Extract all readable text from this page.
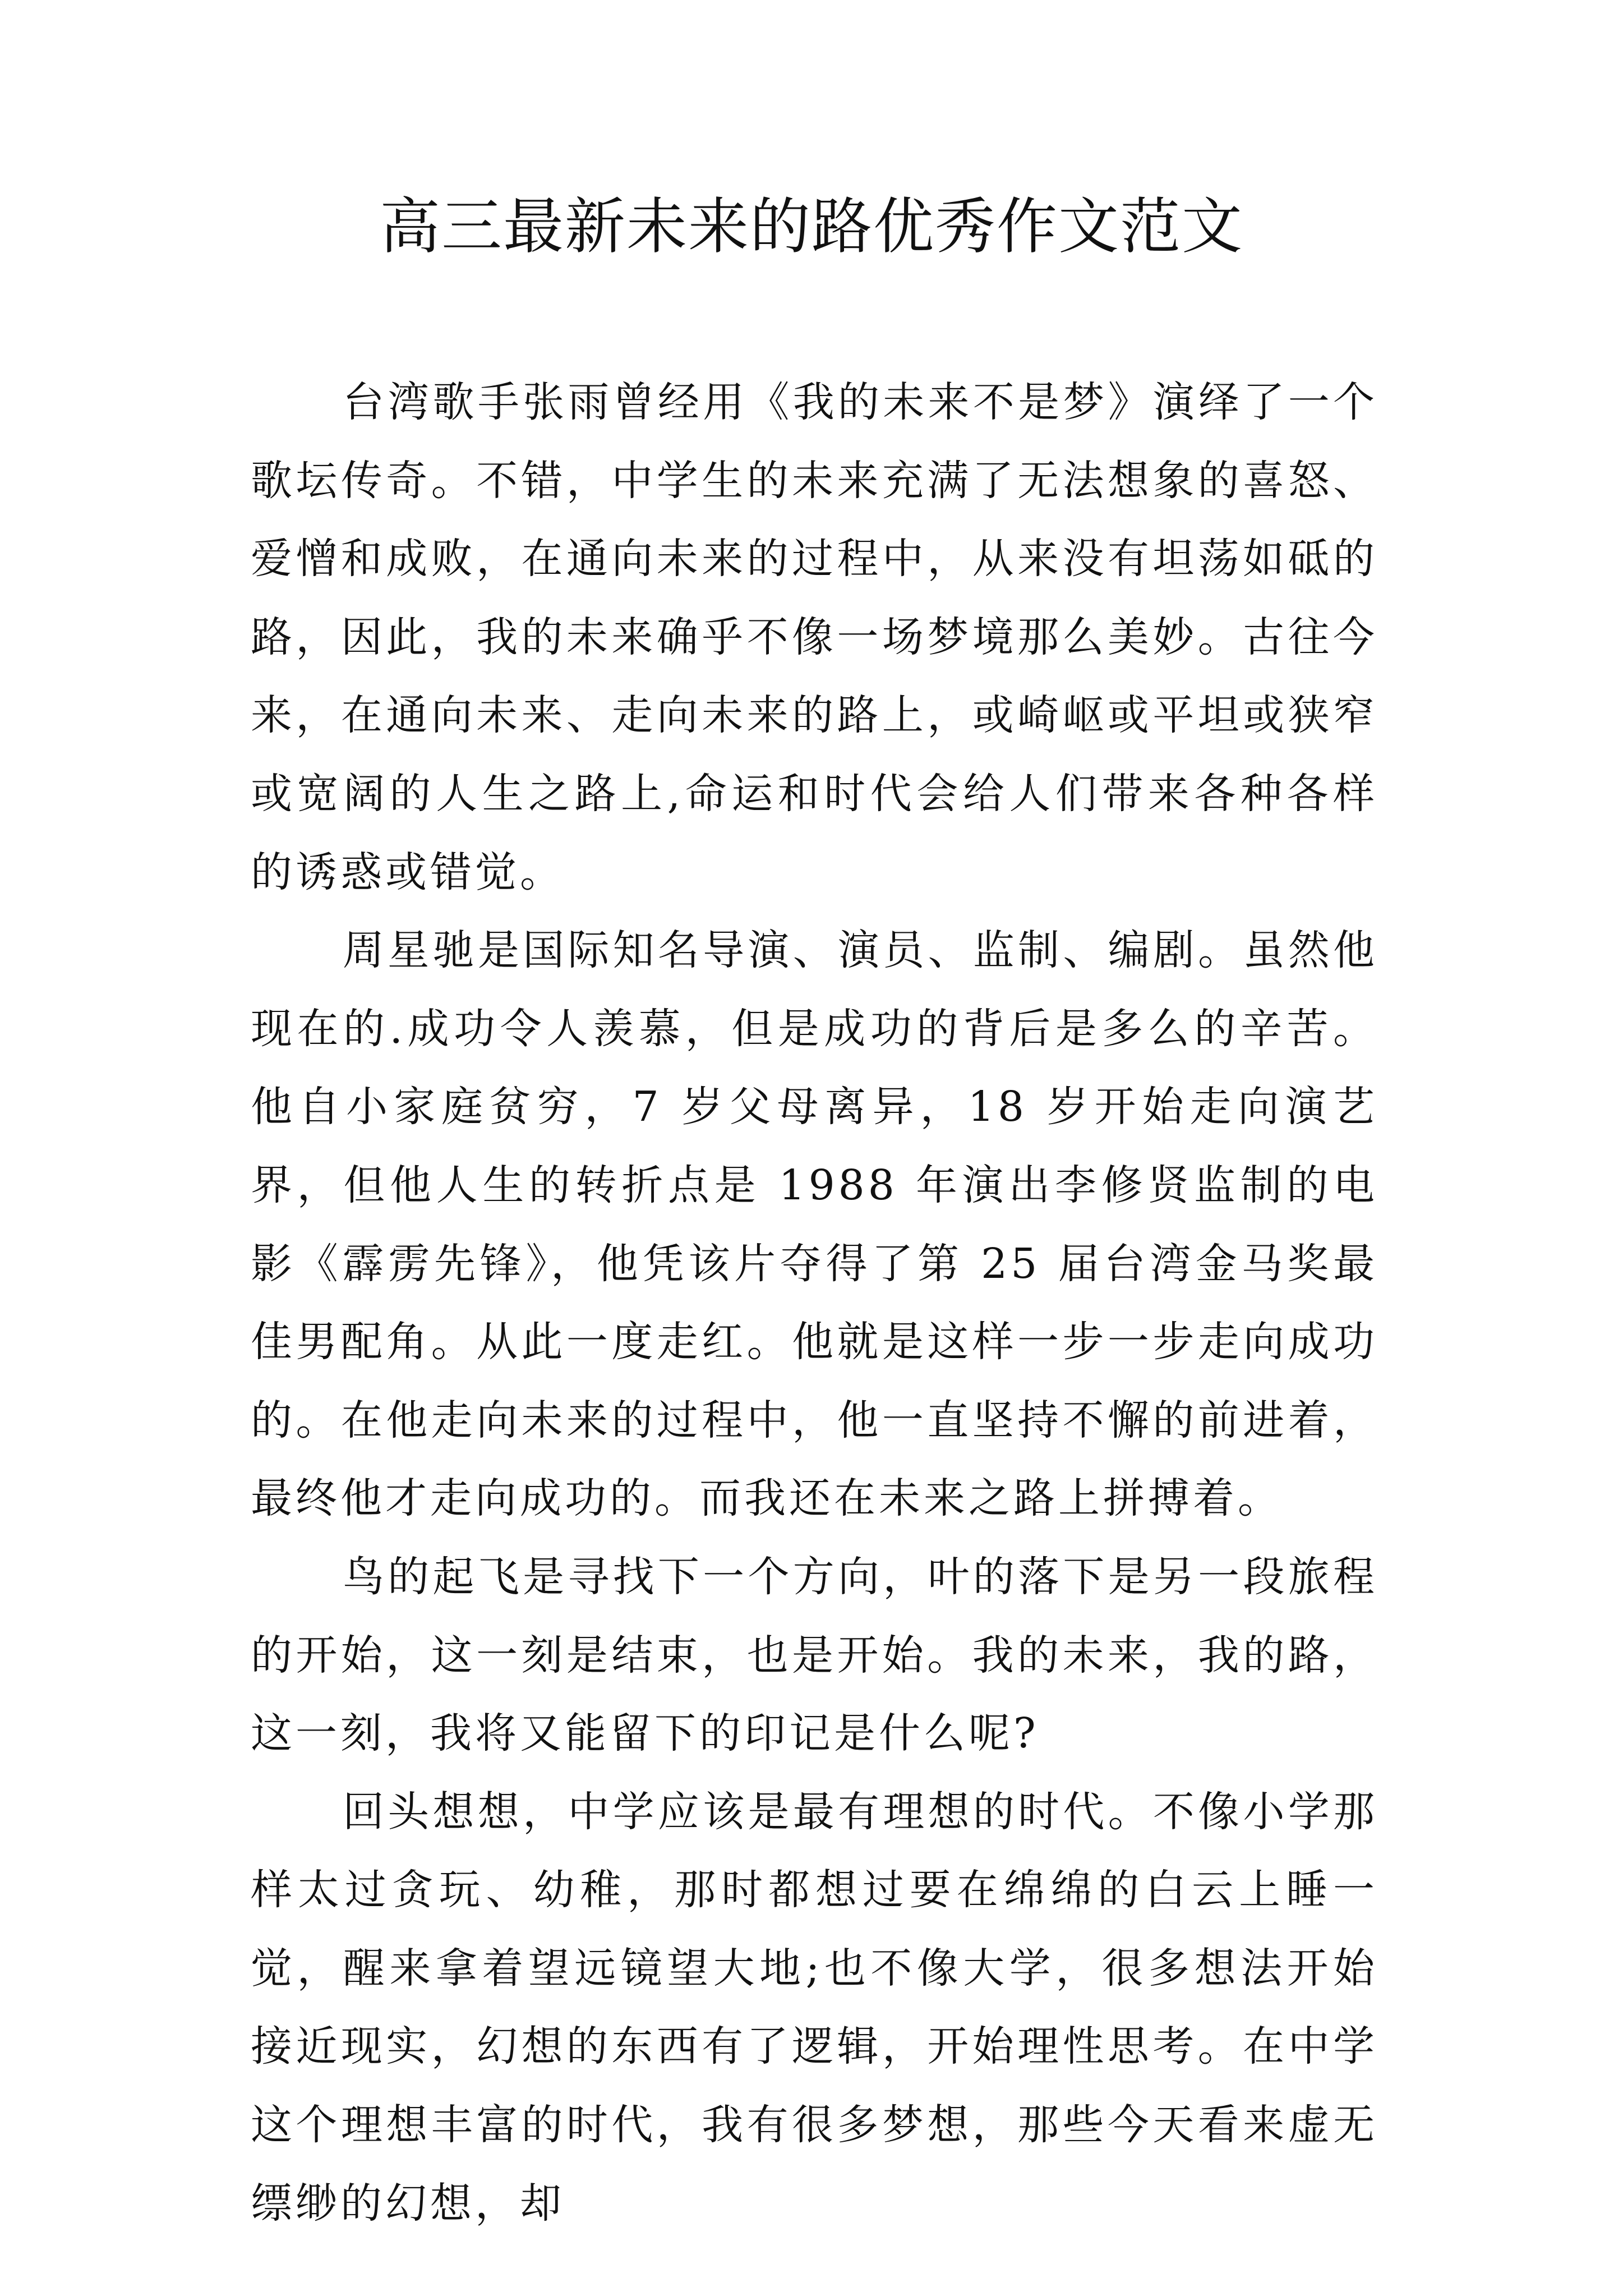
高三最新未来的路优秀作文范文

台湾歌手张雨曾经用《我的未来不是梦》演绎了一个歌坛传奇。不错，中学生的未来充满了无法想象的喜怒、爱憎和成败，在通向未来的过程中，从来没有坦荡如砥的路，因此，我的未来确乎不像一场梦境那么美妙。古往今来，在通向未来、走向未来的路上，或崎岖或平坦或狭窄或宽阔的人生之路上,命运和时代会给人们带来各种各样的诱惑或错觉。

周星驰是国际知名导演、演员、监制、编剧。虽然他现在的.成功令人羡慕，但是成功的背后是多么的辛苦。他自小家庭贫穷，7 岁父母离异，18 岁开始走向演艺界，但他人生的转折点是 1988 年演出李修贤监制的电影《霹雳先锋》，他凭该片夺得了第 25 届台湾金马奖最佳男配角。从此一度走红。他就是这样一步一步走向成功的。在他走向未来的过程中，他一直坚持不懈的前进着，最终他才走向成功的。而我还在未来之路上拼搏着。

鸟的起飞是寻找下一个方向，叶的落下是另一段旅程的开始，这一刻是结束，也是开始。我的未来，我的路，这一刻，我将又能留下的印记是什么呢?

回头想想，中学应该是最有理想的时代。不像小学那样太过贪玩、幼稚，那时都想过要在绵绵的白云上睡一觉，醒来拿着望远镜望大地;也不像大学，很多想法开始接近现实，幻想的东西有了逻辑，开始理性思考。在中学这个理想丰富的时代，我有很多梦想，那些今天看来虚无缥缈的幻想，却
